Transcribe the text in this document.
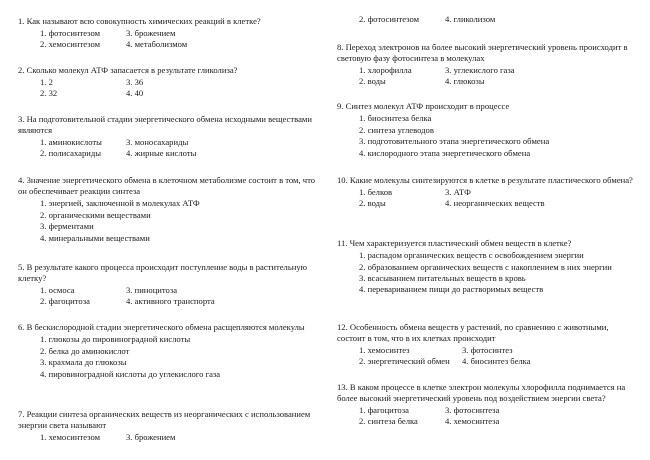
1. Как называют всю совокупность химических реакций в клетке?

1. фотосинтезом	3. брожением
2. хемосинтезом	4. метаболизмом

2. Сколько молекул АТФ запасается в результате гликолиза?

1. 2	3. 36
2. 32	4. 40

3. На подготовительной стадии энергетического обмена исходными веществами являются

1. аминокислоты	3. моносахариды
2. полисахариды	4. жирные кислоты

4. Значение энергетического обмена в клеточном метаболизме состоит в том, что он обеспечивает реакции синтеза

1. энергией, заключенной в молекулах АТФ
2. органическими веществами
3. ферментами
4. минеральными веществами

5. В результате какого процесса происходит поступление воды в растительную клетку?

1. осмоса	3. пиноцитоза
2. фагоцитоза	4. активного транспорта

6. В бескислородной стадии энергетического обмена расщепляются молекулы

1. глюкозы до пировиноградной кислоты
2. белка до аминокислот
3. крахмала до глюкозы
4. пировиноградной кислоты до углекислого газа

7. Реакции синтеза органических веществ из неорганических с использованием энергии света называют

1. хемосинтезом	3. брожением
2. фотосинтезом	4. гликолизом

8. Переход электронов на более высокий энергетический уровень происходит в световую фазу фотосинтеза в молекулах

1. хлорофилла	3. углекислого газа
2. воды	4. глюкозы

9. Синтез молекул АТФ происходит в процессе

1. биосинтеза белка
2. синтеза углеводов
3. подготовительного этапа энергетического обмена
4. кислородного этапа энергетического обмена

10. Какие молекулы синтезируются в клетке в результате пластического обмена?

1. белков	3. АТФ
2. воды	4. неорганических веществ

11. Чем характеризуется пластический обмен веществ в клетке?

1. распадом органических веществ с освобождением энергии
2. образованием органических веществ с накоплением в них энергии
3. всасыванием питательных веществ в кровь
4. перевариванием пищи до растворимых веществ

12. Особенность обмена веществ у растений, по сравнению с животными, состоит в том, что в их клетках происходит

1. хемосинтез	3. фотосинтез
2. энергетический обмен 4. биосинтез белка

13. В каком процессе в клетке электрон молекулы хлорофилла поднимается на более высокий энергетический уровень под воздействием энергии света?

1. фагоцитоза	3. фотосинтеза
2. синтеза белка	4. хемосинтеза
